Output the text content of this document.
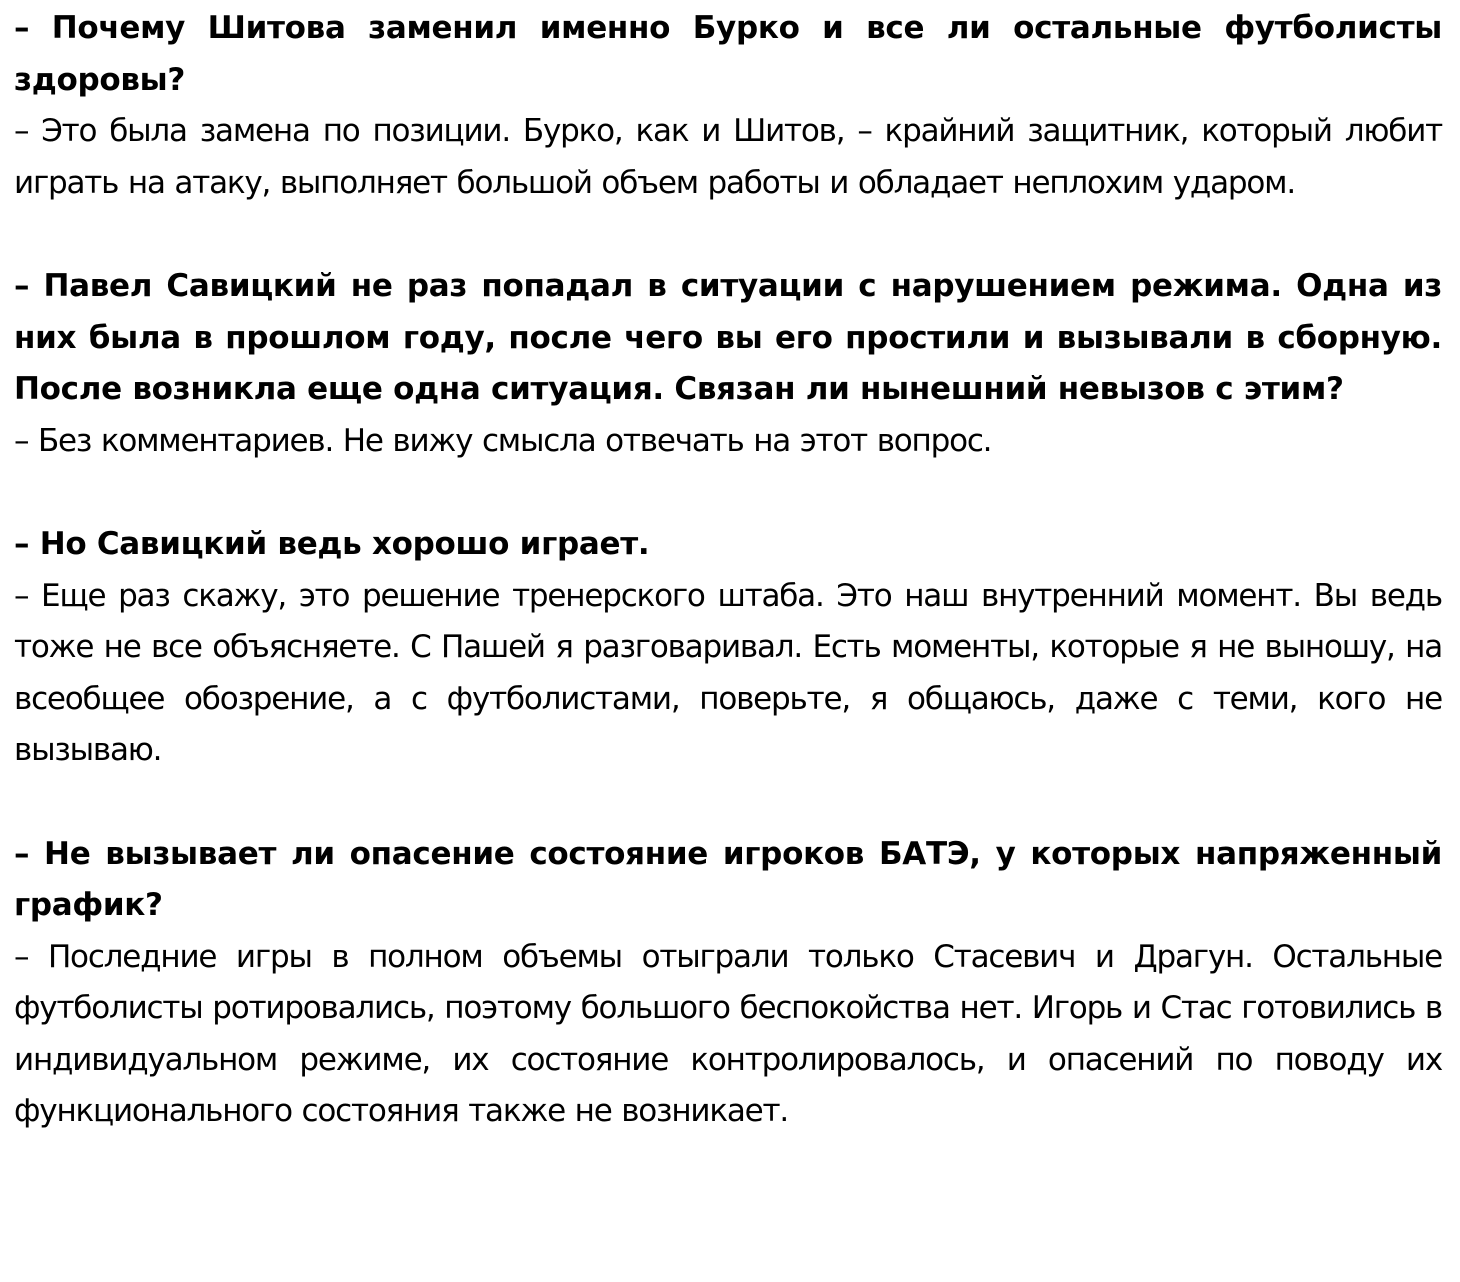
– Почему Шитова заменил именно Бурко и все ли остальные футболисты здоровы?

– Это была замена по позиции. Бурко, как и Шитов, – крайний защитник, который любит играть на атаку, выполняет большой объем работы и обладает неплохим ударом.

– Павел Савицкий не раз попадал в ситуации с нарушением режима. Одна из них была в прошлом году, после чего вы его простили и вызывали в сборную. После возникла еще одна ситуация. Связан ли нынешний невызов с этим?

– Без комментариев. Не вижу смысла отвечать на этот вопрос.

– Но Савицкий ведь хорошо играет.

– Еще раз скажу, это решение тренерского штаба. Это наш внутренний момент. Вы ведь тоже не все объясняете. С Пашей я разговаривал. Есть моменты, которые я не выношу, на всеобщее обозрение, а с футболистами, поверьте, я общаюсь, даже с теми, кого не вызываю.

– Не вызывает ли опасение состояние игроков БАТЭ, у которых напряженный график?

– Последние игры в полном объемы отыграли только Стасевич и Драгун. Остальные футболисты ротировались, поэтому большого беспокойства нет. Игорь и Стас готовились в индивидуальном режиме, их состояние контролировалось, и опасений по поводу их функционального состояния также не возникает.
